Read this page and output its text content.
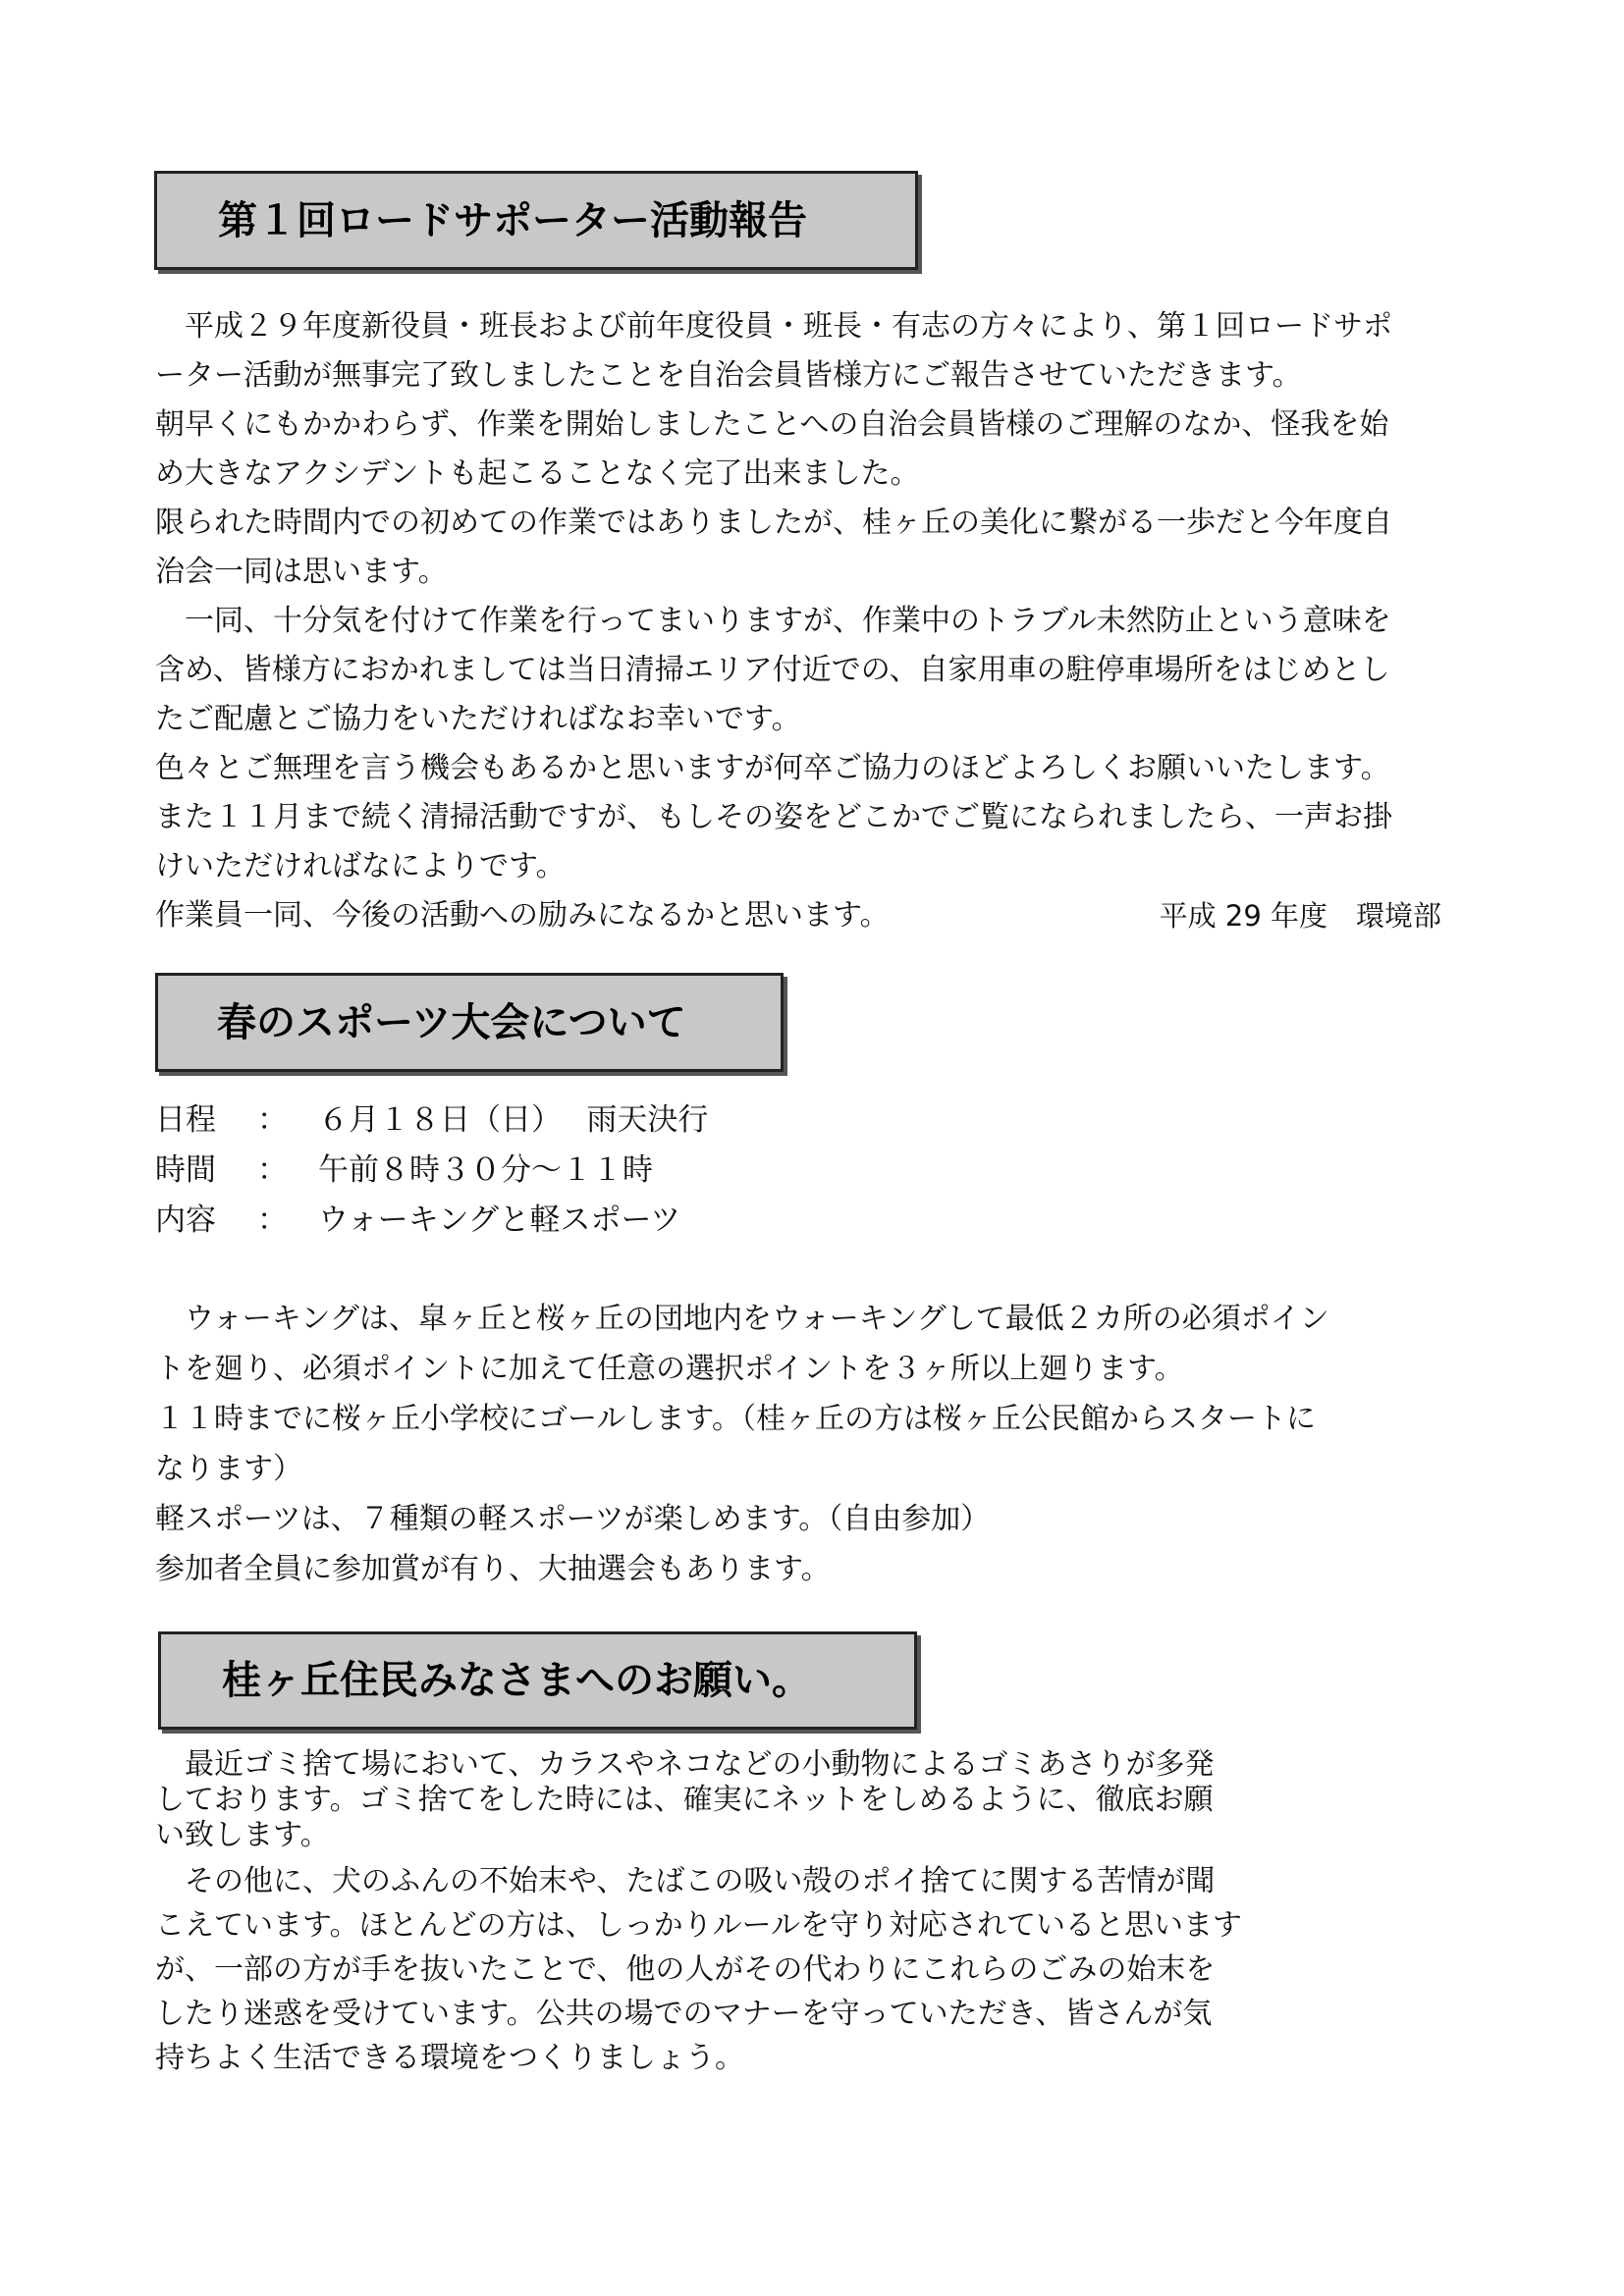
第１回ロードサポーター活動報告

　平成２９年度新役員・班長および前年度役員・班長・有志の方々により、第１回ロードサポ
ーター活動が無事完了致しましたことを自治会員皆様方にご報告させていただきます。
朝早くにもかかわらず、作業を開始しましたことへの自治会員皆様のご理解のなか、怪我を始
め大きなアクシデントも起こることなく完了出来ました。
限られた時間内での初めての作業ではありましたが、桂ヶ丘の美化に繋がる一歩だと今年度自
治会一同は思います。
　一同、十分気を付けて作業を行ってまいりますが、作業中のトラブル未然防止という意味を
含め、皆様方におかれましては当日清掃エリア付近での、自家用車の駐停車場所をはじめとし
たご配慮とご協力をいただければなお幸いです。
色々とご無理を言う機会もあるかと思いますが何卒ご協力のほどよろしくお願いいたします。
また１１月まで続く清掃活動ですが、もしその姿をどこかでご覧になられましたら、一声お掛
けいただければなによりです。

作業員一同、今後の活動への励みになるかと思います。	平成 29 年度　環境部
春のスポーツ大会について
日程	：	６月１８日（日）　 雨天決行
時間	：	午前８時３０分～１１時
内容	：	ウォーキングと軽スポーツ

　ウォーキングは、皐ヶ丘と桜ヶ丘の団地内をウォーキングして最低２カ所の必須ポイン
トを廻り、必須ポイントに加えて任意の選択ポイントを３ヶ所以上廻ります。
１１時までに桜ヶ丘小学校にゴールします。（桂ヶ丘の方は桜ヶ丘公民館からスタートに
なります）
軽スポーツは、７種類の軽スポーツが楽しめます。（自由参加）
参加者全員に参加賞が有り、大抽選会もあります。

桂ヶ丘住民みなさまへのお願い。

　最近ゴミ捨て場において、カラスやネコなどの小動物によるゴミあさりが多発
しております。ゴミ捨てをした時には、確実にネットをしめるように、徹底お願
い致します。

　その他に、犬のふんの不始末や、たばこの吸い殻のポイ捨てに関する苦情が聞
こえています。ほとんどの方は、しっかりルールを守り対応されていると思います
が、一部の方が手を抜いたことで、他の人がその代わりにこれらのごみの始末を
したり迷惑を受けています。公共の場でのマナーを守っていただき、皆さんが気
持ちよく生活できる環境をつくりましょう。
